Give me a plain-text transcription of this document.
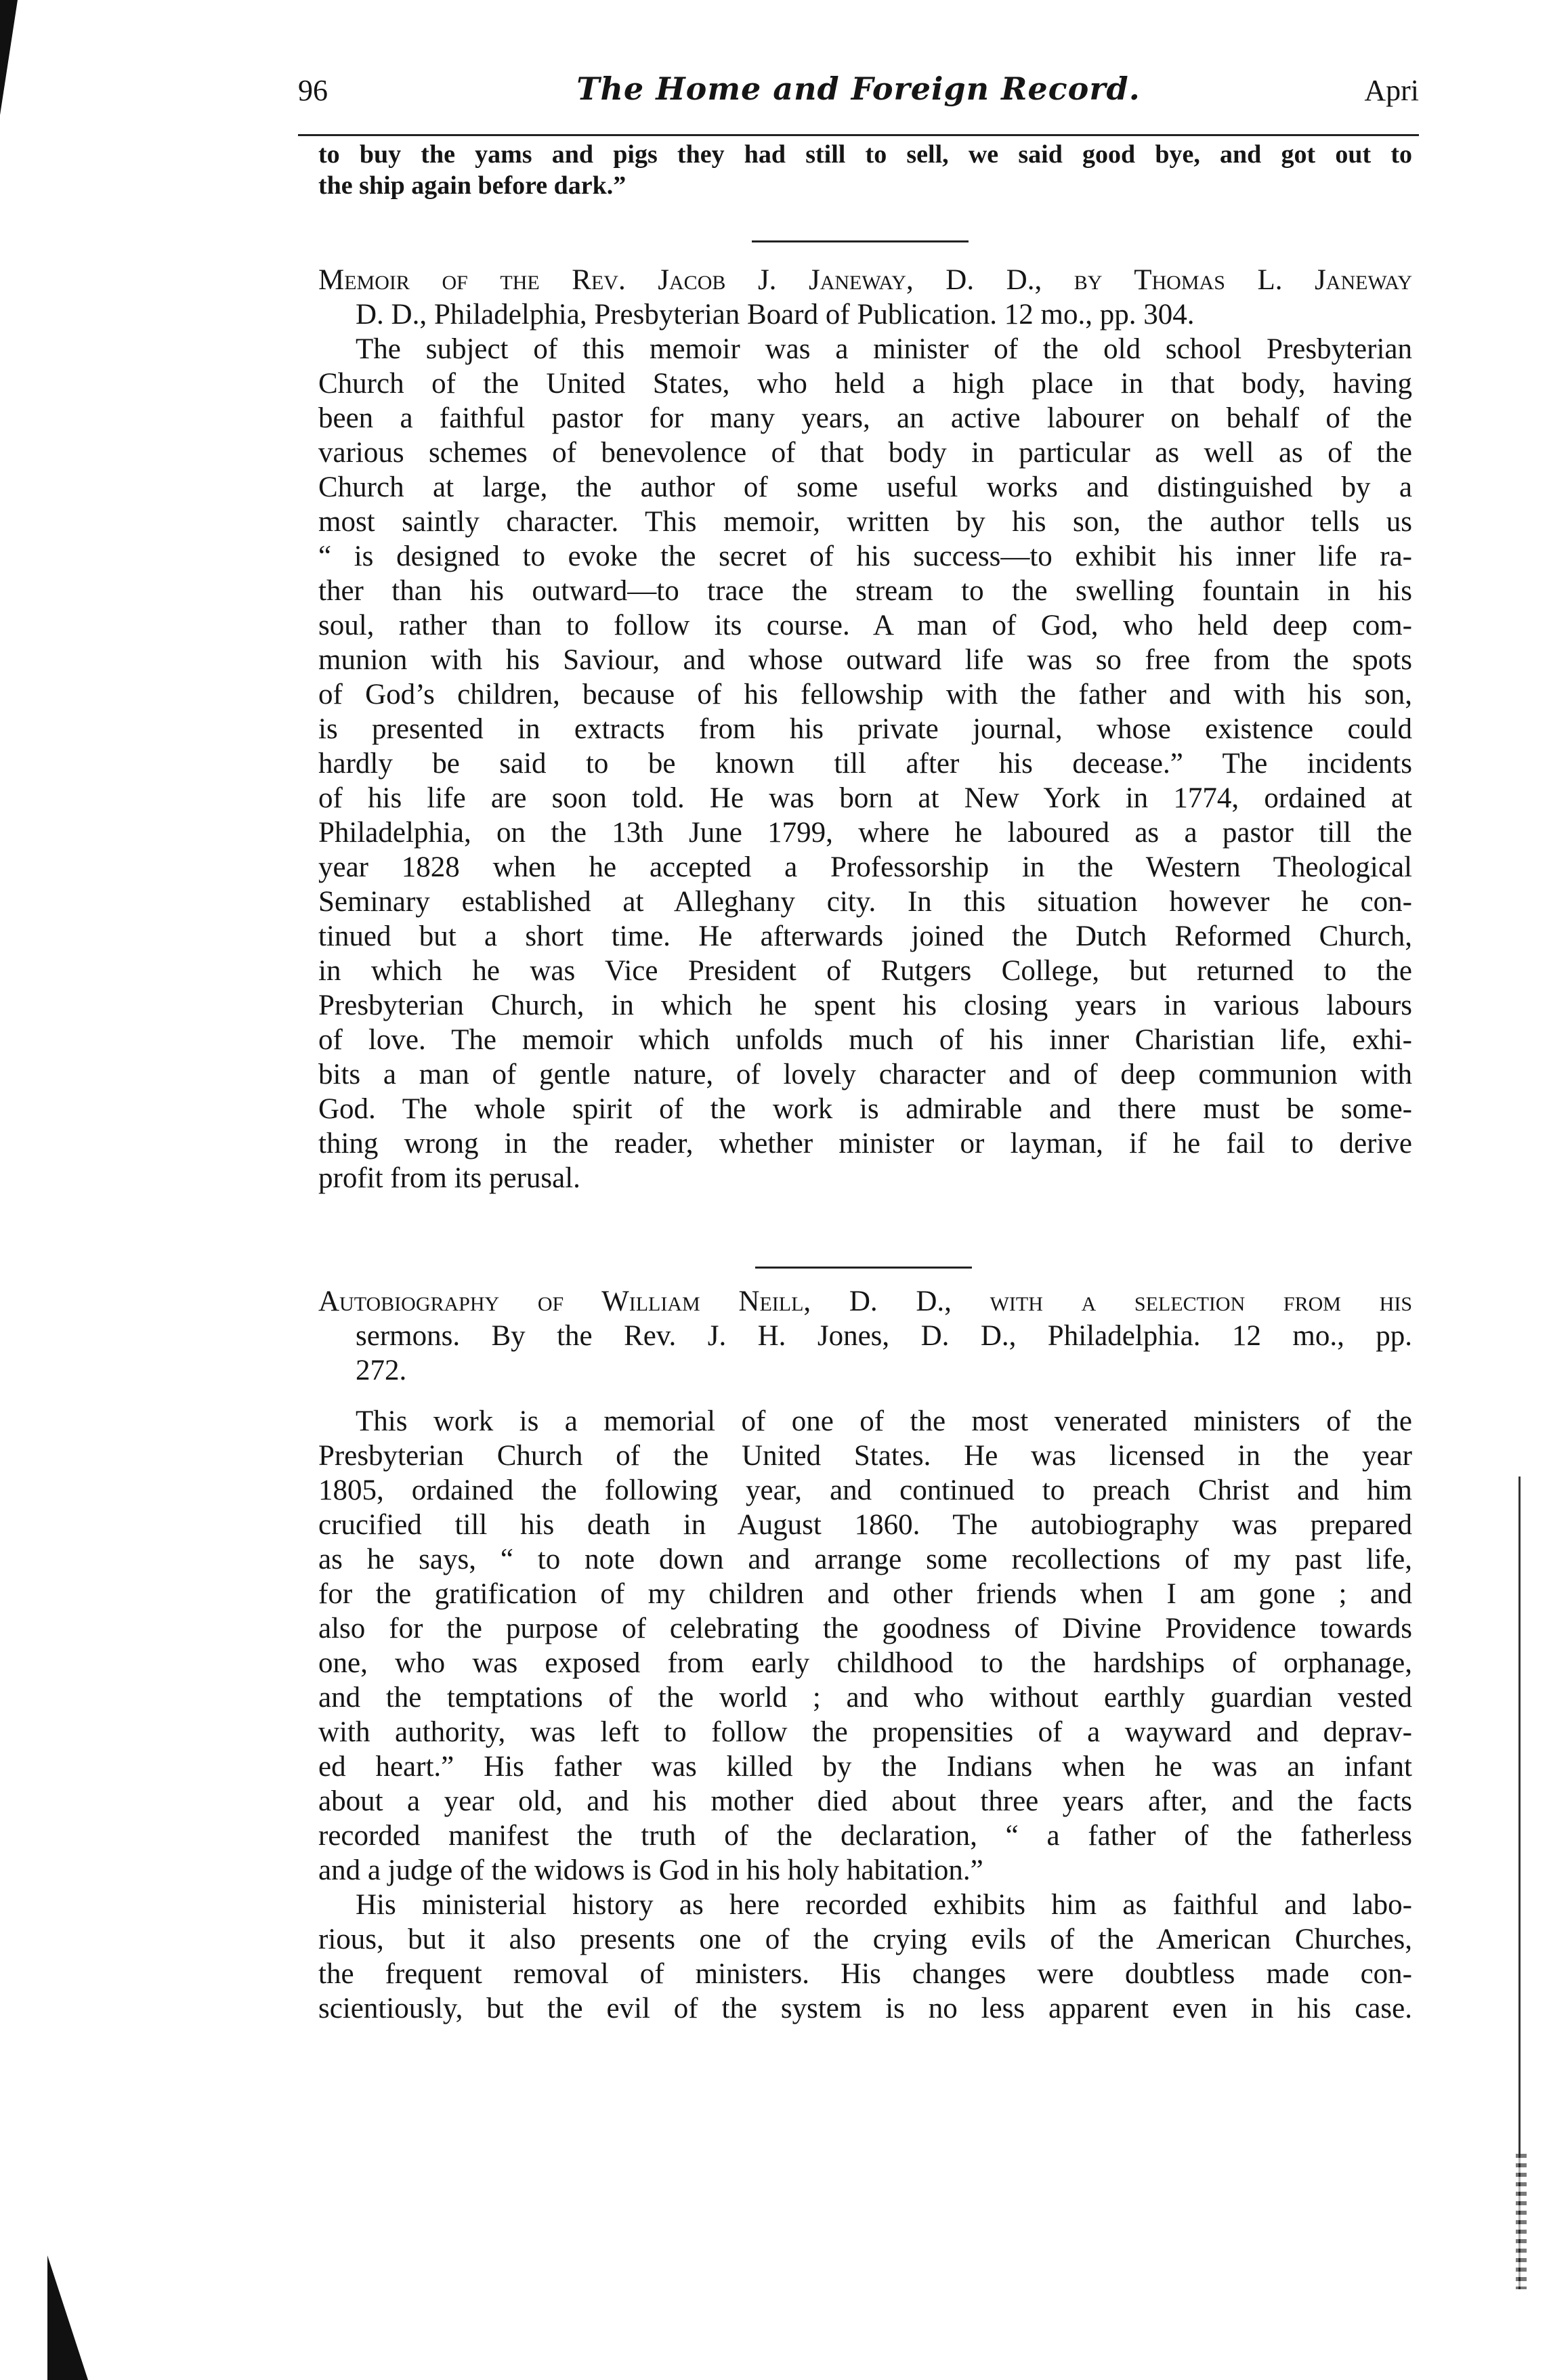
96	The Home and Foreign Record.	Apri
to buy the yams and pigs they had still to sell, we said good bye, and got out to
the ship again before dark.”
Memoir of the Rev. Jacob J. Janeway, D. D., by Thomas L. Janeway
D. D., Philadelphia, Presbyterian Board of Publication. 12 mo., pp. 304.
The subject of this memoir was a minister of the old school Presbyterian
Church of the United States, who held a high place in that body, having
been a faithful pastor for many years, an active labourer on behalf of the
various schemes of benevolence of that body in particular as well as of the
Church at large, the author of some useful works and distinguished by a
most saintly character. This memoir, written by his son, the author tells us
“ is designed to evoke the secret of his success—to exhibit his inner life ra-
ther than his outward—to trace the stream to the swelling fountain in his
soul, rather than to follow its course. A man of God, who held deep com-
munion with his Saviour, and whose outward life was so free from the spots
of God’s children, because of his fellowship with the father and with his son,
is presented in extracts from his private journal, whose existence could
hardly be said to be known till after his decease.” The incidents
of his life are soon told. He was born at New York in 1774, ordained at
Philadelphia, on the 13th June 1799, where he laboured as a pastor till the
year 1828 when he accepted a Professorship in the Western Theological
Seminary established at Alleghany city. In this situation however he con-
tinued but a short time. He afterwards joined the Dutch Reformed Church,
in which he was Vice President of Rutgers College, but returned to the
Presbyterian Church, in which he spent his closing years in various labours
of love. The memoir which unfolds much of his inner Charistian life, exhi-
bits a man of gentle nature, of lovely character and of deep communion with
God. The whole spirit of the work is admirable and there must be some-
thing wrong in the reader, whether minister or layman, if he fail to derive
profit from its perusal.
Autobiography of William Neill, D. D., with a selection from his
sermons. By the Rev. J. H. Jones, D. D., Philadelphia. 12 mo., pp.
272.
This work is a memorial of one of the most venerated ministers of the
Presbyterian Church of the United States. He was licensed in the year
1805, ordained the following year, and continued to preach Christ and him
crucified till his death in August 1860. The autobiography was prepared
as he says, “ to note down and arrange some recollections of my past life,
for the gratification of my children and other friends when I am gone ; and
also for the purpose of celebrating the goodness of Divine Providence towards
one, who was exposed from early childhood to the hardships of orphanage,
and the temptations of the world ; and who without earthly guardian vested
with authority, was left to follow the propensities of a wayward and deprav-
ed heart.” His father was killed by the Indians when he was an infant
about a year old, and his mother died about three years after, and the facts
recorded manifest the truth of the declaration, “ a father of the fatherless
and a judge of the widows is God in his holy habitation.”
His ministerial history as here recorded exhibits him as faithful and labo-
rious, but it also presents one of the crying evils of the American Churches,
the frequent removal of ministers. His changes were doubtless made con-
scientiously, but the evil of the system is no less apparent even in his case.
